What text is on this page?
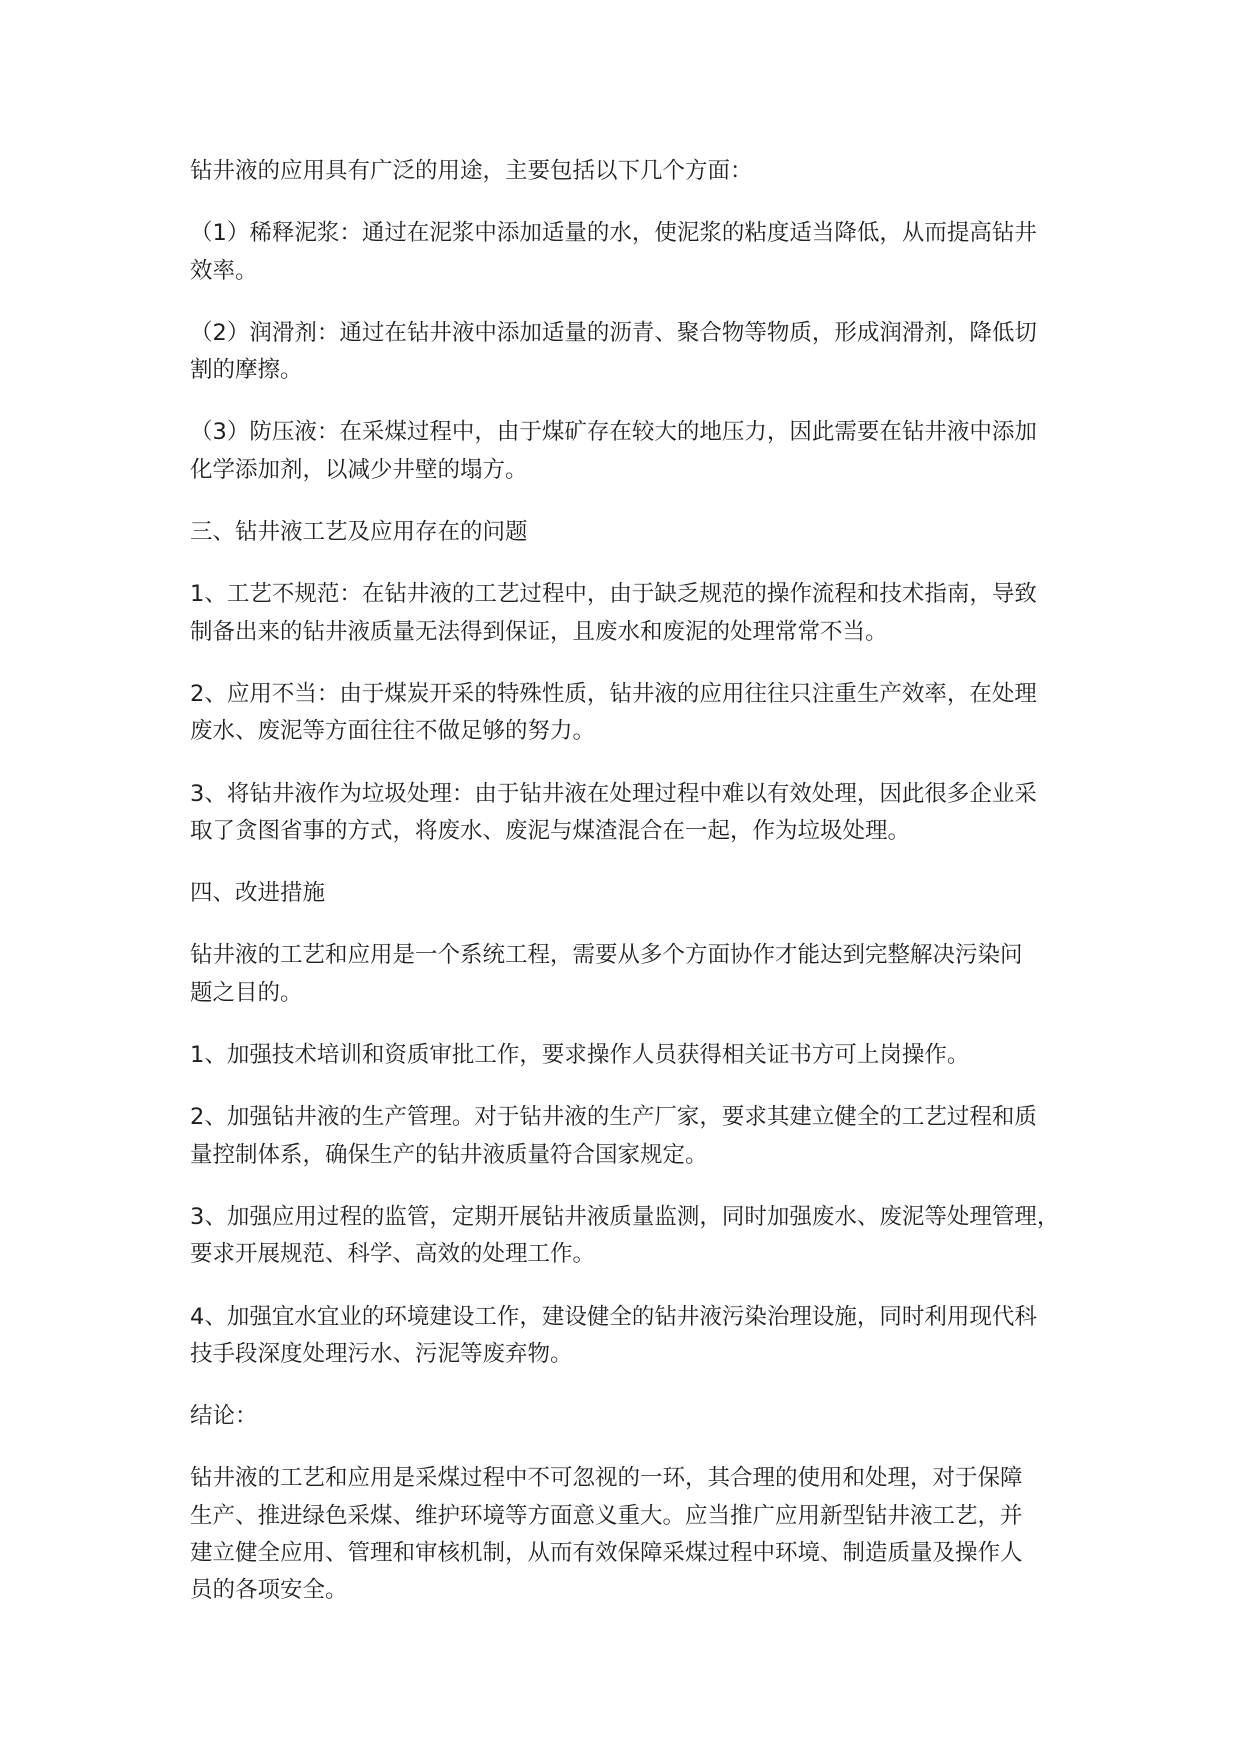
钻井液的应用具有广泛的用途，主要包括以下几个方面：

（1）稀释泥浆：通过在泥浆中添加适量的水，使泥浆的粘度适当降低，从而提高钻井
效率。

（2）润滑剂：通过在钻井液中添加适量的沥青、聚合物等物质，形成润滑剂，降低切
割的摩擦。

（3）防压液：在采煤过程中，由于煤矿存在较大的地压力，因此需要在钻井液中添加
化学添加剂，以减少井壁的塌方。

三、钻井液工艺及应用存在的问题

1、工艺不规范：在钻井液的工艺过程中，由于缺乏规范的操作流程和技术指南，导致
制备出来的钻井液质量无法得到保证，且废水和废泥的处理常常不当。

2、应用不当：由于煤炭开采的特殊性质，钻井液的应用往往只注重生产效率，在处理
废水、废泥等方面往往不做足够的努力。

3、将钻井液作为垃圾处理：由于钻井液在处理过程中难以有效处理，因此很多企业采
取了贪图省事的方式，将废水、废泥与煤渣混合在一起，作为垃圾处理。

四、改进措施

钻井液的工艺和应用是一个系统工程，需要从多个方面协作才能达到完整解决污染问
题之目的。

1、加强技术培训和资质审批工作，要求操作人员获得相关证书方可上岗操作。

2、加强钻井液的生产管理。对于钻井液的生产厂家，要求其建立健全的工艺过程和质
量控制体系，确保生产的钻井液质量符合国家规定。

3、加强应用过程的监管，定期开展钻井液质量监测，同时加强废水、废泥等处理管理，
要求开展规范、科学、高效的处理工作。

4、加强宜水宜业的环境建设工作，建设健全的钻井液污染治理设施，同时利用现代科
技手段深度处理污水、污泥等废弃物。

结论：

钻井液的工艺和应用是采煤过程中不可忽视的一环，其合理的使用和处理，对于保障
生产、推进绿色采煤、维护环境等方面意义重大。应当推广应用新型钻井液工艺，并
建立健全应用、管理和审核机制，从而有效保障采煤过程中环境、制造质量及操作人
员的各项安全。
